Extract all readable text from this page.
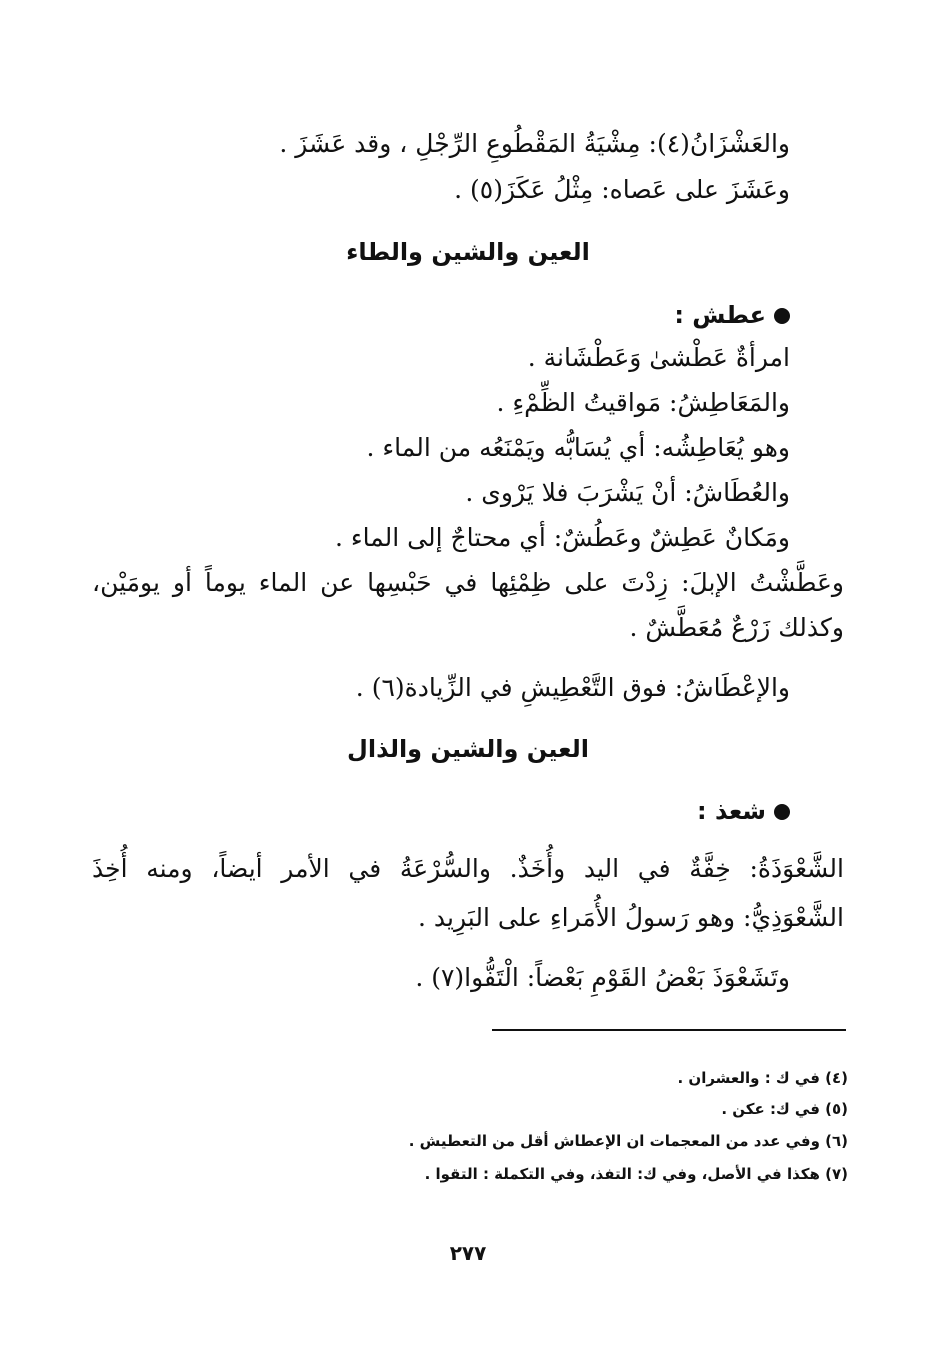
والعَشْزَانُ(٤): مِشْيَةُ المَقْطُوعِ الرِّجْلِ ، وقد عَشَزَ .
وعَشَزَ على عَصاه: مِثْلُ عَكَزَ(٥) .
العين والشين والطاء
عطش :
امرأةٌ عَطْشىٰ وَعَطْشَانة .
والمَعَاطِشُ: مَواقيتُ الظِّمْءِ .
وهو يُعَاطِشُه: أي يُسَابُّه ويَمْنَعُه من الماء .
والعُطَاشُ: أنْ يَشْرَبَ فلا يَرْوى .
ومَكانٌ عَطِشٌ وعَطُشٌ: أي محتاجٌ إلى الماء .
وعَطَّشْتُ الإبلَ: زِدْتَ على ظِمْئِها في حَبْسِها عن الماء يوماً أو يومَيْن،
وكذلك زَرْعٌ مُعَطَّشٌ .
والإعْطَاشُ: فوق التَّعْطِيشِ في الزِّيادة(٦) .
العين والشين والذال
شعذ :
الشَّعْوَذَةُ: خِفَّةٌ في اليد وأُخَذٌ. والسُّرْعَةُ في الأمر أيضاً، ومنه أُخِذَ
الشَّعْوَذِيُّ: وهو رَسولُ الأُمَراءِ على البَرِيد .
وتَشَعْوَذَ بَعْضُ القَوْمِ بَعْضاً: الْتَفُّوا(٧) .
(٤) في ك : والعشران .
(٥) في ك: عكن .
(٦) وفي عدد من المعجمات ان الإعطاش أقل من التعطيش .
(٧) هكذا في الأصل، وفي ك: التفذ، وفي التكملة : التقوا .
٢٧٧
